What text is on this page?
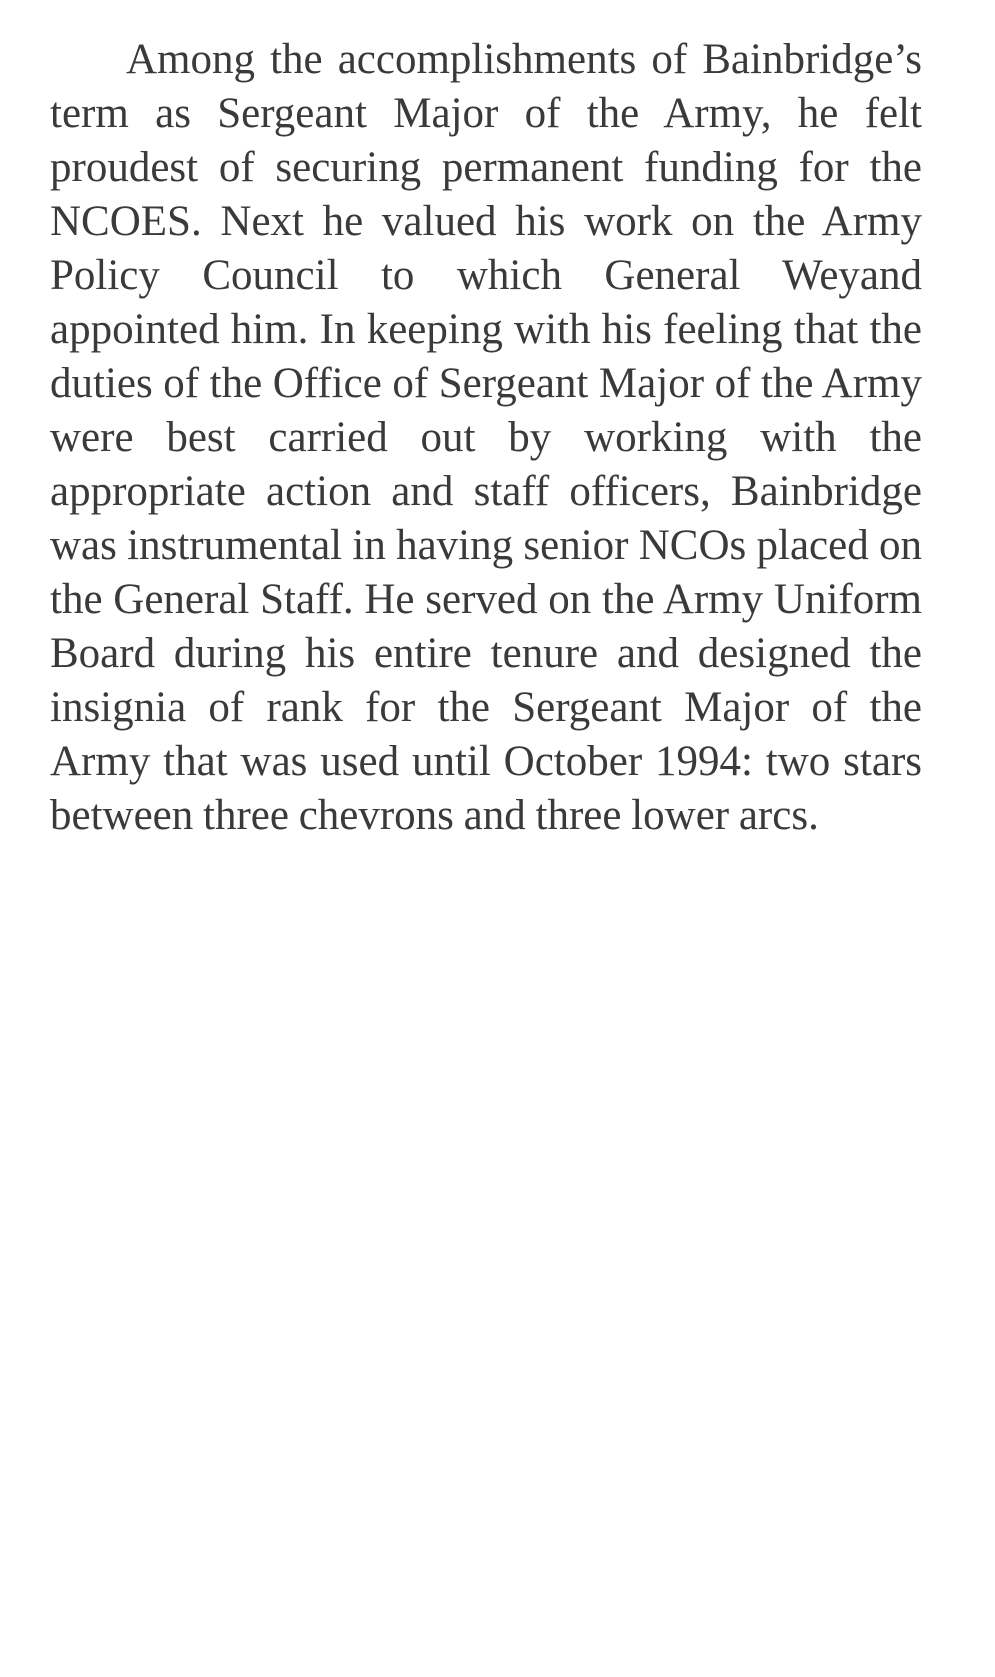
Among the accomplishments of Bainbridge’s term as Sergeant Major of the Army, he felt proudest of securing permanent funding for the NCOES. Next he valued his work on the Army Policy Council to which General Weyand appointed him. In keeping with his feeling that the duties of the Office of Sergeant Major of the Army were best carried out by working with the appropriate action and staff officers, Bainbridge was instrumental in having senior NCOs placed on the General Staff. He served on the Army Uniform Board during his entire tenure and designed the insignia of rank for the Sergeant Major of the Army that was used until October 1994: two stars between three chevrons and three lower arcs.
